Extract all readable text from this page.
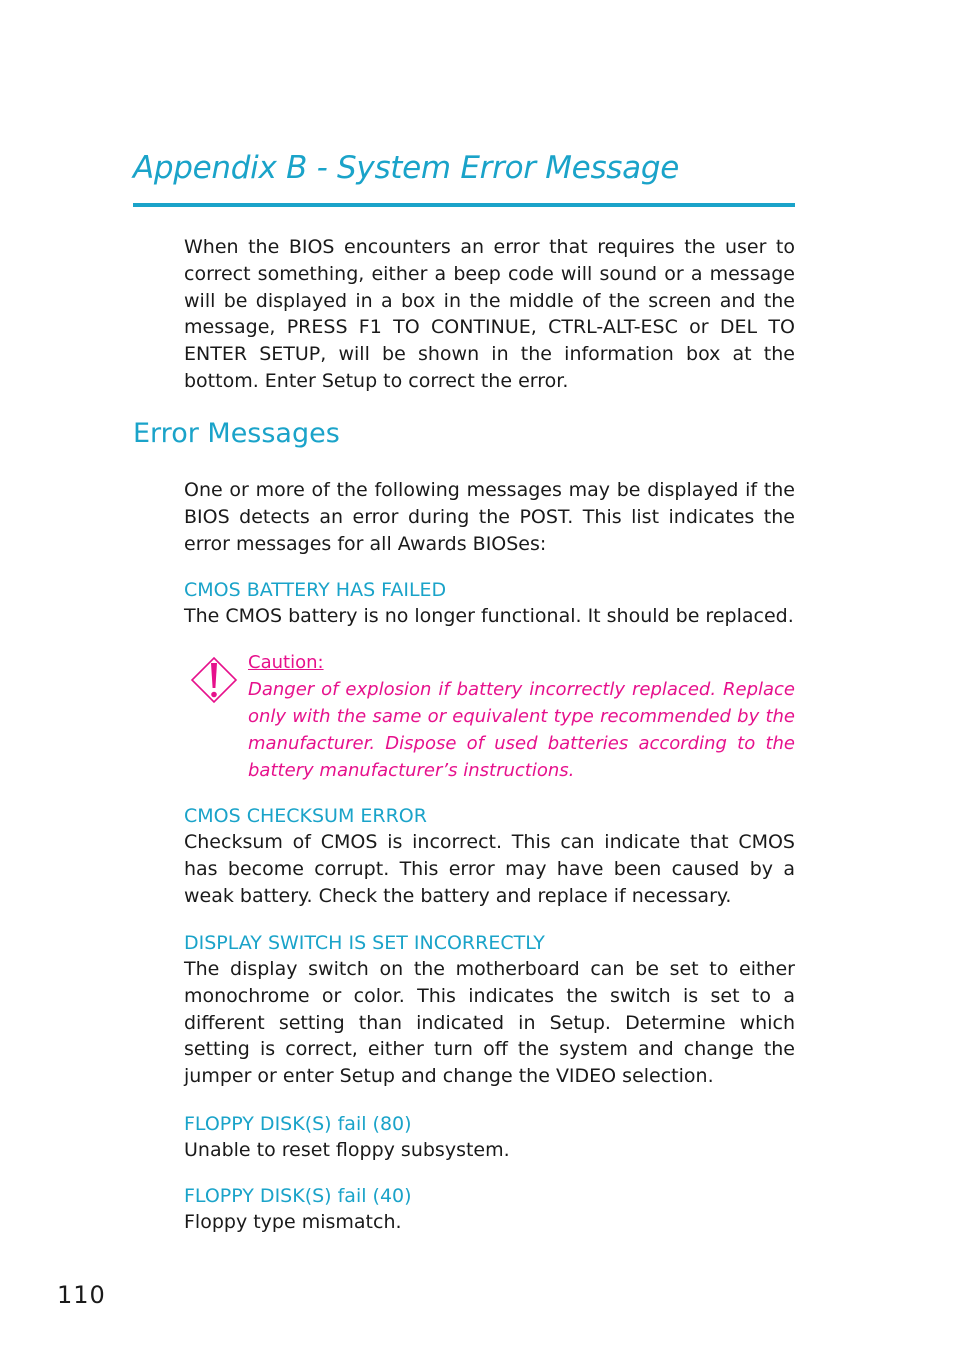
Appendix B - System Error Message
When the BIOS encounters an error that requires the user to correct something, either a beep code will sound or a message will be displayed in a box in the middle of the screen and the message, PRESS F1 TO CONTINUE, CTRL-ALT-ESC or DEL TO ENTER SETUP, will be shown in the information box at the bottom. Enter Setup to correct the error.
Error Messages
One or more of the following messages may be displayed if the BIOS detects an error during the POST. This list indicates the error messages for all Awards BIOSes:
CMOS BATTERY HAS FAILED
The CMOS battery is no longer functional. It should be replaced.
Caution:
Danger of explosion if battery incorrectly replaced. Replace only with the same or equivalent type recommended by the manufacturer. Dispose of used batteries according to the battery manufacturer’s instructions.
CMOS CHECKSUM ERROR
Checksum of CMOS is incorrect. This can indicate that CMOS has become corrupt. This error may have been caused by a weak battery. Check the battery and replace if necessary.
DISPLAY SWITCH IS SET INCORRECTLY
The display switch on the motherboard can be set to either monochrome or color. This indicates the switch is set to a different setting than indicated in Setup. Determine which setting is correct, either turn off the system and change the jumper or enter Setup and change the VIDEO selection.
FLOPPY DISK(S) fail (80)
Unable to reset floppy subsystem.
FLOPPY DISK(S) fail (40)
Floppy type mismatch.
110
